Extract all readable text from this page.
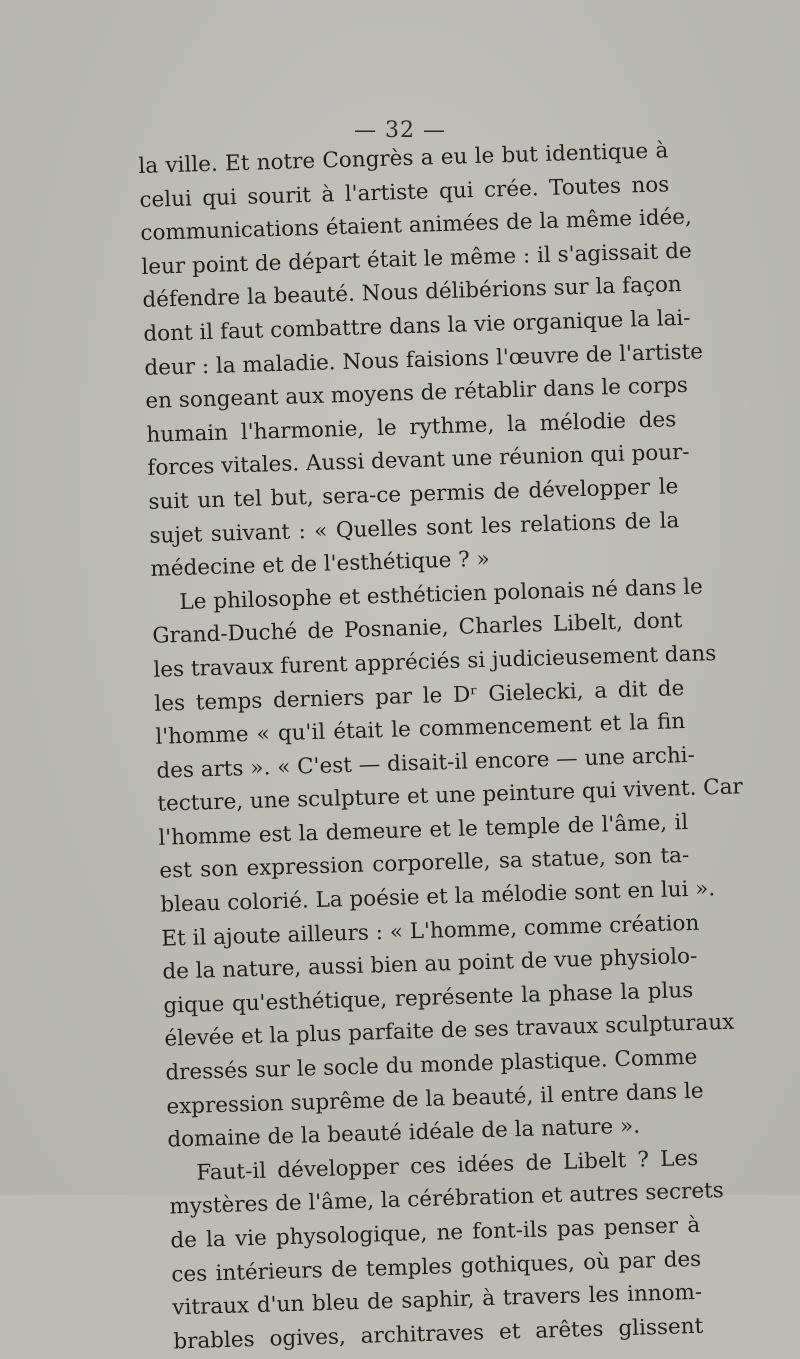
— 32 —
la ville. Et notre Congrès a eu le but identique à
celui qui sourit à l'artiste qui crée. Toutes nos
communications étaient animées de la même idée,
leur point de départ était le même : il s'agissait de
défendre la beauté. Nous délibérions sur la façon
dont il faut combattre dans la vie organique la lai-
deur : la maladie. Nous faisions l'œuvre de l'artiste
en songeant aux moyens de rétablir dans le corps
humain l'harmonie, le rythme, la mélodie des
forces vitales. Aussi devant une réunion qui pour-
suit un tel but, sera-ce permis de développer le
sujet suivant : « Quelles sont les relations de la
médecine et de l'esthétique ? »
Le philosophe et esthéticien polonais né dans le
Grand-Duché de Posnanie, Charles Libelt, dont
les travaux furent appréciés si judicieusement dans
les temps derniers par le Dʳ Gielecki, a dit de
l'homme « qu'il était le commencement et la fin
des arts ». « C'est — disait-il encore — une archi-
tecture, une sculpture et une peinture qui vivent. Car
l'homme est la demeure et le temple de l'âme, il
est son expression corporelle, sa statue, son ta-
bleau colorié. La poésie et la mélodie sont en lui ».
Et il ajoute ailleurs : « L'homme, comme création
de la nature, aussi bien au point de vue physiolo-
gique qu'esthétique, représente la phase la plus
élevée et la plus parfaite de ses travaux sculpturaux
dressés sur le socle du monde plastique. Comme
expression suprême de la beauté, il entre dans le
domaine de la beauté idéale de la nature ».
Faut-il développer ces idées de Libelt ? Les
mystères de l'âme, la cérébration et autres secrets
de la vie physologique, ne font-ils pas penser à
ces intérieurs de temples gothiques, où par des
vitraux d'un bleu de saphir, à travers les innom-
brables ogives, architraves et arêtes glissent
